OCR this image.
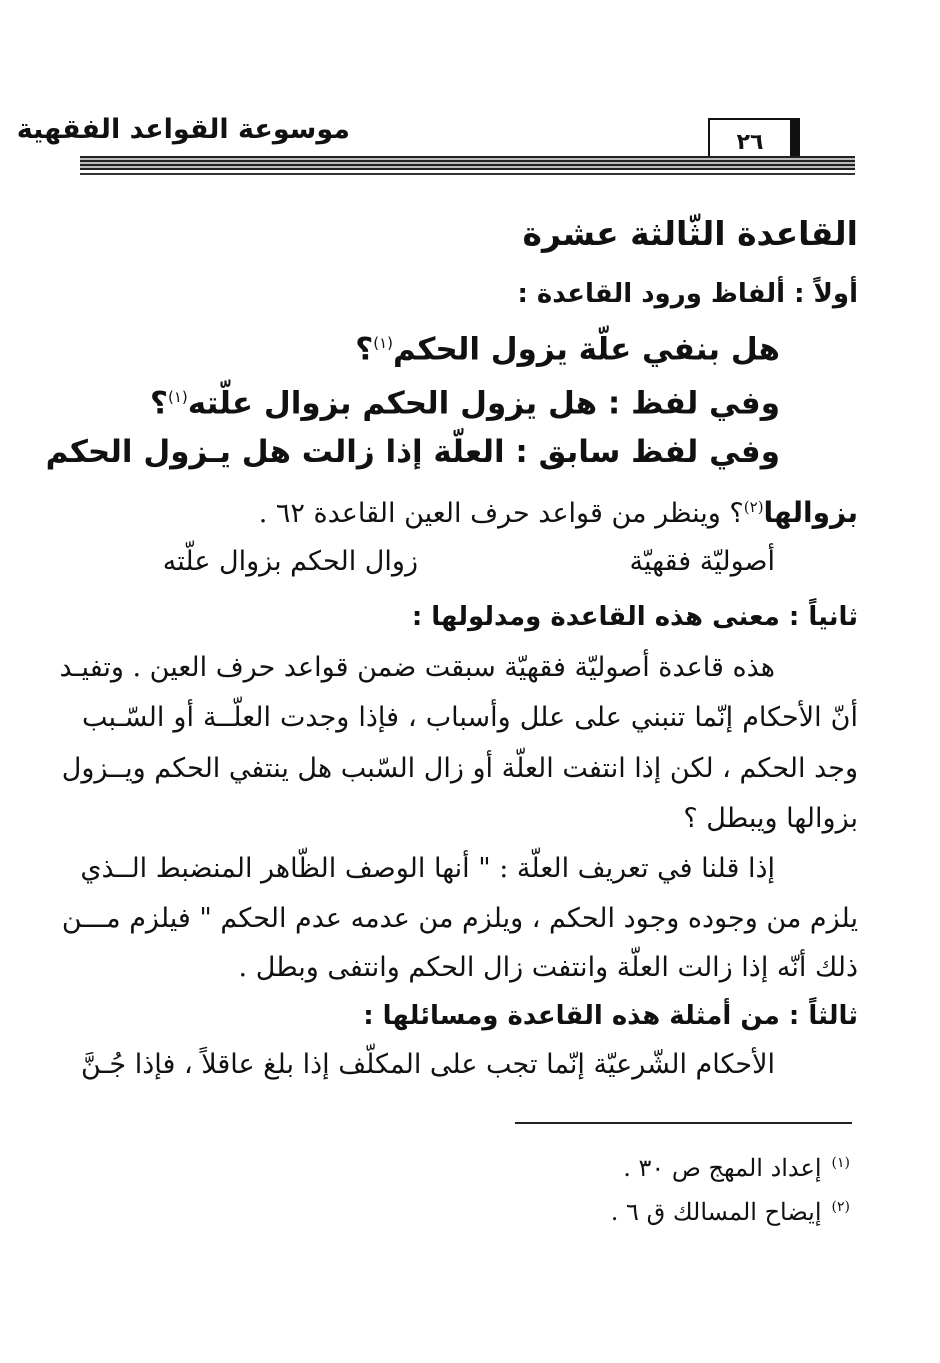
موسوعة القواعد الفقهية	٢٦
القاعدة الثّالثة عشرة
أولاً : ألفاظ ورود القاعدة :
هل بنفي علّة يزول الحكم$^{(١)}$؟
وفي لفظ : هل يزول الحكم بزوال علّته$^{(١)}$؟
وفي لفظ سابق : العلّة إذا زالت هل يـزول الحكم
بزوالها$^{(٢)}$؟ وينظر من قواعد حرف العين القاعدة ٦٢ .
أصوليّة فقهيّة
زوال الحكم بزوال علّته
ثانياً : معنى هذه القاعدة ومدلولها :
هذه قاعدة أصوليّة فقهيّة سبقت ضمن قواعد حرف العين . وتفيـد
أنّ الأحكام إنّما تنبني على علل وأسباب ، فإذا وجدت العلّــة أو السّـبب
وجد الحكم ، لكن إذا انتفت العلّة أو زال السّبب هل ينتفي الحكم ويــزول
بزوالها ويبطل ؟
إذا قلنا في تعريف العلّة : " أنها الوصف الظّاهر المنضبط الــذي
يلزم من وجوده وجود الحكم ، ويلزم من عدمه عدم الحكم " فيلزم مـــن
ذلك أنّه إذا زالت العلّة وانتفت زال الحكم وانتفى وبطل .
ثالثاً : من أمثلة هذه القاعدة ومسائلها :
الأحكام الشّرعيّة إنّما تجب على المكلّف إذا بلغ عاقلاً ، فإذا جُـنَّ
$^{(١)}$إعداد المهج ص ٣٠ .
$^{(٢)}$إيضاح المسالك ق ٦ .
